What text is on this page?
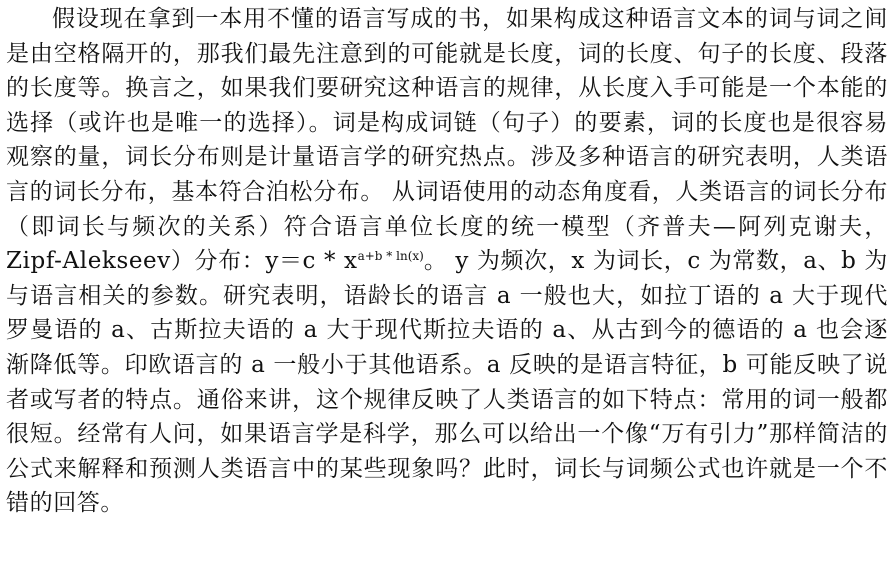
假设现在拿到一本用不懂的语言写成的书，如果构成这种语言文本的词与词之间是由空格隔开的，那我们最先注意到的可能就是长度，词的长度、句子的长度、段落的长度等。换言之，如果我们要研究这种语言的规律，从长度入手可能是一个本能的选择（或许也是唯一的选择）。词是构成词链（句子）的要素，词的长度也是很容易观察的量，词长分布则是计量语言学的研究热点。涉及多种语言的研究表明，人类语言的词长分布，基本符合泊松分布。 从词语使用的动态角度看，人类语言的词长分布（即词长与频次的关系）符合语言单位长度的统一模型（齐普夫—阿列克谢夫，Zipf-Alekseev）分布：$y=c * x^{a+b * ln(x)}$。 y 为频次，x 为词长，c 为常数，a、b 为与语言相关的参数。研究表明，语龄长的语言 a 一般也大，如拉丁语的 a 大于现代罗曼语的 a、古斯拉夫语的 a 大于现代斯拉夫语的 a、从古到今的德语的 a 也会逐渐降低等。印欧语言的 a 一般小于其他语系。a 反映的是语言特征，b 可能反映了说者或写者的特点。通俗来讲，这个规律反映了人类语言的如下特点：常用的词一般都很短。经常有人问，如果语言学是科学，那么可以给出一个像“万有引力”那样简洁的公式来解释和预测人类语言中的某些现象吗？此时，词长与词频公式也许就是一个不错的回答。
